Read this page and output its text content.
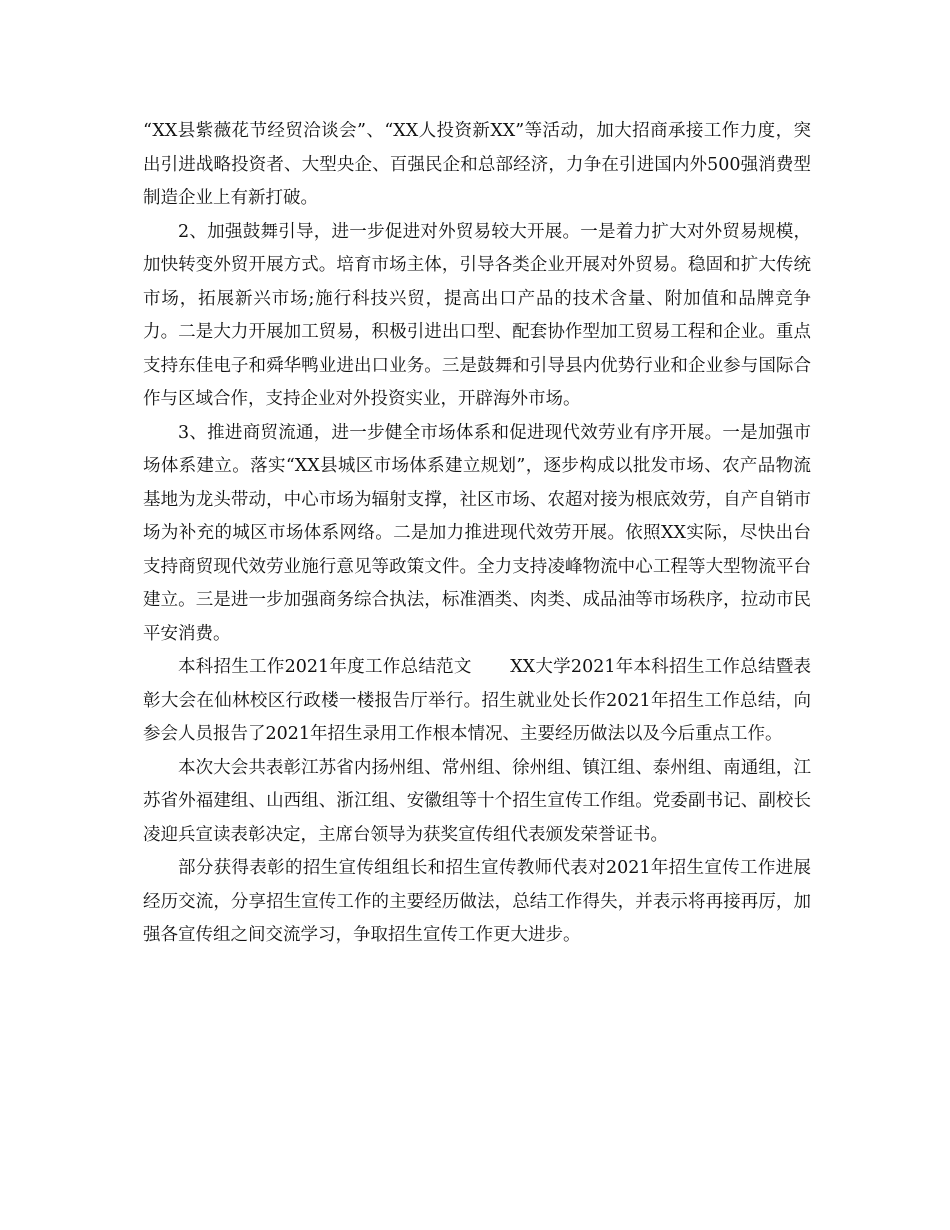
“XX县紫薇花节经贸洽谈会”、“XX人投资新XX”等活动，加大招商承接工作力度，突出引进战略投资者、大型央企、百强民企和总部经济，力争在引进国内外500强消费型制造企业上有新打破。

2、加强鼓舞引导，进一步促进对外贸易较大开展。一是着力扩大对外贸易规模，加快转变外贸开展方式。培育市场主体，引导各类企业开展对外贸易。稳固和扩大传统市场，拓展新兴市场;施行科技兴贸，提高出口产品的技术含量、附加值和品牌竞争力。二是大力开展加工贸易，积极引进出口型、配套协作型加工贸易工程和企业。重点支持东佳电子和舜华鸭业进出口业务。三是鼓舞和引导县内优势行业和企业参与国际合作与区域合作，支持企业对外投资实业，开辟海外市场。

3、推进商贸流通，进一步健全市场体系和促进现代效劳业有序开展。一是加强市场体系建立。落实“XX县城区市场体系建立规划”，逐步构成以批发市场、农产品物流基地为龙头带动，中心市场为辐射支撑，社区市场、农超对接为根底效劳，自产自销市场为补充的城区市场体系网络。二是加力推进现代效劳开展。依照XX实际，尽快出台支持商贸现代效劳业施行意见等政策文件。全力支持凌峰物流中心工程等大型物流平台建立。三是进一步加强商务综合执法，标准酒类、肉类、成品油等市场秩序，拉动市民平安消费。

本科招生工作2021年度工作总结范文 XX大学2021年本科招生工作总结暨表彰大会在仙林校区行政楼一楼报告厅举行。招生就业处长作2021年招生工作总结，向参会人员报告了2021年招生录用工作根本情况、主要经历做法以及今后重点工作。

本次大会共表彰江苏省内扬州组、常州组、徐州组、镇江组、泰州组、南通组，江苏省外福建组、山西组、浙江组、安徽组等十个招生宣传工作组。党委副书记、副校长凌迎兵宣读表彰决定，主席台领导为获奖宣传组代表颁发荣誉证书。

部分获得表彰的招生宣传组组长和招生宣传教师代表对2021年招生宣传工作进展经历交流，分享招生宣传工作的主要经历做法，总结工作得失，并表示将再接再厉，加强各宣传组之间交流学习，争取招生宣传工作更大进步。
